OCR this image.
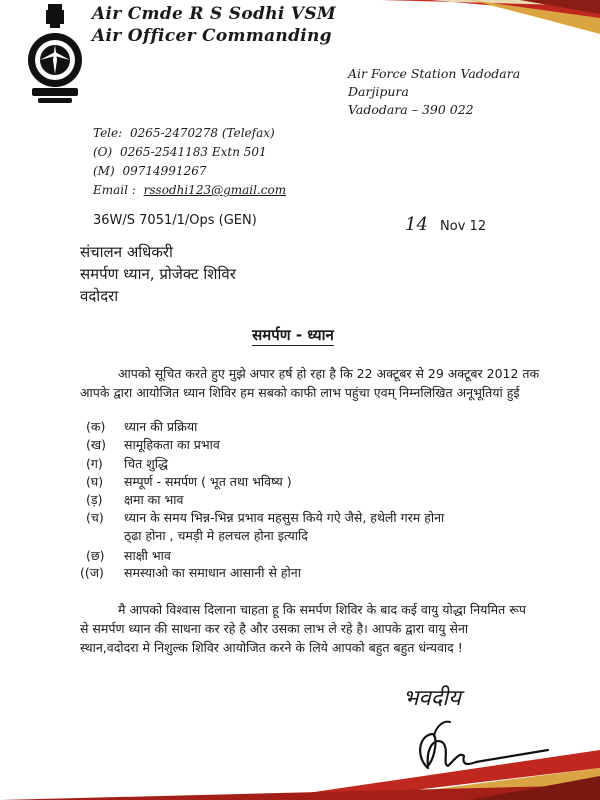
Air Cmde R S Sodhi VSM
Air Officer Commanding
Air Force Station Vadodara
Darjipura
Vadodara – 390 022
Tele: 0265-2470278 (Telefax)
(O) 0265-2541183 Extn 501
(M) 09714991267
Email : rssodhi123@gmail.com
36W/S 7051/1/Ops (GEN)	14 Nov 12
संचालन अधिकरी
समर्पण ध्यान, प्रोजेक्ट शिविर
वदोदरा
समर्पण - ध्यान
आपको सूचित करते हुए मुझे अपार हर्ष हो रहा है कि 22 अक्टूबर से 29 अक्टूबर 2012 तक
आपके द्वारा आयोजित ध्यान शिविर हम सबको काफी लाभ पहुंचा एवम् निम्नलिखित अनूभूतियां हुई
(क) ध्यान की प्रक्रिया
(ख) सामूहिकता का प्रभाव
(ग) चित शुद्धि
(घ) सम्पूर्ण - समर्पण ( भूत तथा भविष्य )
(ड़) क्षमा का भाव
(च) ध्यान के समय भिन्न-भिन्न प्रभाव महसुस किये गऐ जैसे, हथेली गरम होना
ठ्ढा होना , चमड़ी मे हलचल होना इत्यादि
(छ) साक्षी भाव
((ज) समस्याओ का समाधान आसानी से होना
मै आपको विश्वास दिलाना चाहता हू कि समर्पण शिविर के बाद कई वायु योद्धा नियमित रूप
से समर्पण ध्यान की साधना कर रहे है और उसका लाभ ले रहे है। आपके द्वारा वायु सेना
स्थान,वदोदरा मे निशुल्क शिविर आयोजित करने के लिये आपको बहुत बहुत धंन्यवाद !
भवदीय
